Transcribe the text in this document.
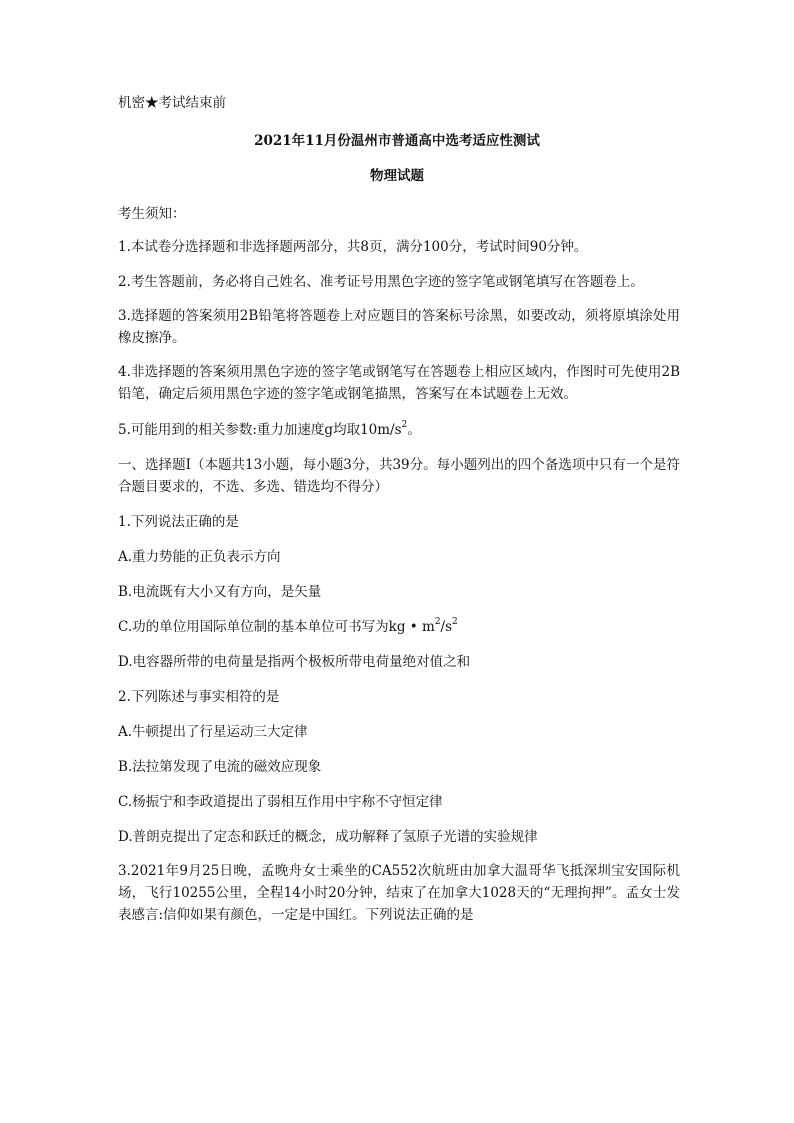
机密★考试结束前
2021年11月份温州市普通高中选考适应性测试
物理试题
考生须知：
1.本试卷分选择题和非选择题两部分，共8页，满分100分，考试时间90分钟。
2.考生答题前，务必将自己姓名、准考证号用黑色字迹的签字笔或钢笔填写在答题卷上。
3.选择题的答案须用2B铅笔将答题卷上对应题目的答案标号涂黑，如要改动，须将原填涂处用橡皮擦净。
4.非选择题的答案须用黑色字迹的签字笔或钢笔写在答题卷上相应区域内，作图时可先使用2B铅笔，确定后须用黑色字迹的签字笔或钢笔描黑，答案写在本试题卷上无效。
5.可能用到的相关参数:重力加速度g均取$10m/s^2$。
一、选择题Ⅰ（本题共13小题，每小题3分，共39分。每小题列出的四个备选项中只有一个是符合题目要求的，不选、多选、错选均不得分）
1.下列说法正确的是
A.重力势能的正负表示方向
B.电流既有大小又有方向，是矢量
C.功的单位用国际单位制的基本单位可书写为kg • $m^2/s^2$
D.电容器所带的电荷量是指两个极板所带电荷量绝对值之和
2.下列陈述与事实相符的是
A.牛顿提出了行星运动三大定律
B.法拉第发现了电流的磁效应现象
C.杨振宁和李政道提出了弱相互作用中宇称不守恒定律
D.普朗克提出了定态和跃迁的概念，成功解释了氢原子光谱的实验规律
3.2021年9月25日晚，孟晚舟女士乘坐的CA552次航班由加拿大温哥华飞抵深圳宝安国际机场，飞行10255公里，全程14小时20分钟，结束了在加拿大1028天的“无理拘押”。孟女士发表感言:信仰如果有颜色，一定是中国红。下列说法正确的是
